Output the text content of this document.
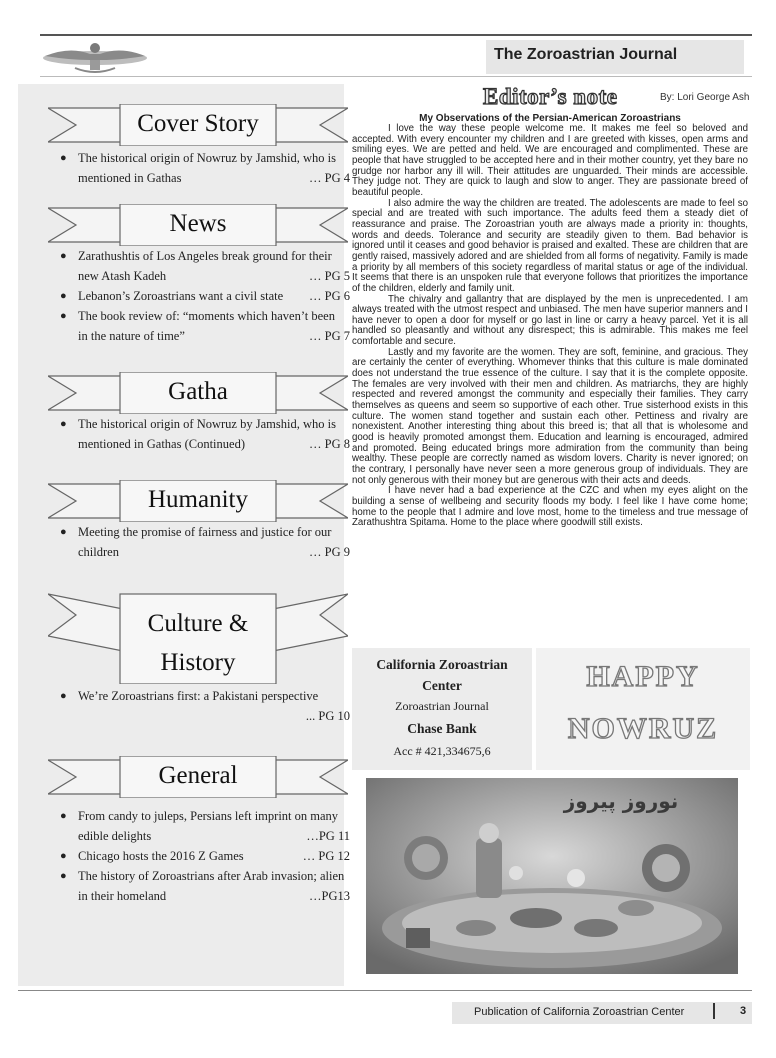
The Zoroastrian Journal
Cover Story
● The historical origin of Nowruz by Jamshid, who is
mentioned in Gathas	… PG 4
News
● Zarathushtis of Los Angeles break ground for their
new Atash Kadeh	… PG 5
● Lebanon’s Zoroastrians want a civil state	… PG 6
● The book review of: “moments which haven’t been
in the nature of time”	… PG 7
Gatha
● The historical origin of Nowruz by Jamshid, who is
mentioned in Gathas (Continued)	… PG 8
Humanity
● Meeting the promise of fairness and justice for our
children	… PG 9
Culture &
History
● We’re Zoroastrians first: a Pakistani perspective

... PG 10
General
● From candy to juleps, Persians left imprint on many
edible delights	…PG 11
● Chicago hosts the 2016 Z Games	… PG 12
● The history of Zoroastrians after Arab invasion; alien
in their homeland	…PG13
Editor’s note	By: Lori George Ash
My Observations of the Persian-American Zoroastrians

I love the way these people welcome me. It makes me feel so beloved and accepted. With every encounter my children and I are greeted with kisses, open arms and smiling eyes. We are petted and held. We are encouraged and complimented. These are people that have struggled to be accepted here and in their mother country, yet they bare no grudge nor harbor any ill will. Their attitudes are unguarded. Their minds are accessible. They judge not. They are quick to laugh and slow to anger. They are passionate breed of beautiful people.

I also admire the way the children are treated. The adolescents are made to feel so special and are treated with such importance. The adults feed them a steady diet of reassurance and praise. The Zoroastrian youth are always made a priority in: thoughts, words and deeds. Tolerance and security are steadily given to them. Bad behavior is ignored until it ceases and good behavior is praised and exalted. These are children that are gently raised, massively adored and are shielded from all forms of negativity. Family is made a priority by all members of this society regardless of marital status or age of the individual. It seems that there is an unspoken rule that everyone follows that prioritizes the importance of the children, elderly and family unit.

The chivalry and gallantry that are displayed by the men is unprecedented. I am always treated with the utmost respect and unbiased. The men have superior manners and I have never to open a door for myself or go last in line or carry a heavy parcel. Yet it is all handled so pleasantly and without any disrespect; this is admirable. This makes me feel comfortable and secure.

Lastly and my favorite are the women. They are soft, feminine, and gracious. They are certainly the center of everything. Whomever thinks that this culture is male dominated does not understand the true essence of the culture. I say that it is the complete opposite. The females are very involved with their men and children. As matriarchs, they are highly respected and revered amongst the community and especially their families. They carry themselves as queens and seem so supportive of each other. True sisterhood exists in this culture. The women stand together and sustain each other. Pettiness and rivalry are nonexistent. Another interesting thing about this breed is; that all that is wholesome and good is heavily promoted amongst them. Education and learning is encouraged, admired and promoted. Being educated brings more admiration from the community than being wealthy. These people are correctly named as wisdom lovers. Charity is never ignored; on the contrary, I personally have never seen a more generous group of individuals. They are not only generous with their money but are generous with their acts and deeds.

I have never had a bad experience at the CZC and when my eyes alight on the building a sense of wellbeing and security floods my body. I feel like I have come home; home to the people that I admire and love most, home to the timeless and true message of Zarathushtra Spitama. Home to the place where goodwill still exists.

California Zoroastrian
Center
Zoroastrian Journal
Chase Bank
Acc # 421,334675,6
HAPPY
NOWRUZ
نوروز پیروز
Publication of California Zoroastrian Center	3
